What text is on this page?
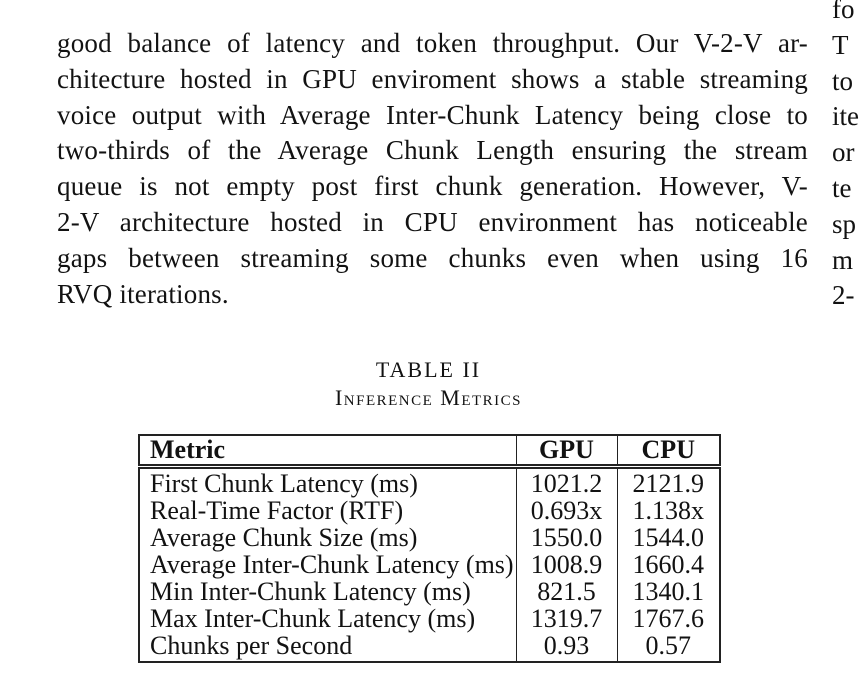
good balance of latency and token throughput. Our V-2-V ar-
chitecture hosted in GPU enviroment shows a stable streaming
voice output with Average Inter-Chunk Latency being close to
two-thirds of the Average Chunk Length ensuring the stream
queue is not empty post first chunk generation. However, V-
2-V architecture hosted in CPU environment has noticeable
gaps between streaming some chunks even when using 16
RVQ iterations.
fo
T
to
ite
or
te
sp
m
2-
TABLE II
Inference Metrics
Metric	GPU	CPU
First Chunk Latency (ms)	1021.2	2121.9
Real-Time Factor (RTF)	0.693x	1.138x
Average Chunk Size (ms)	1550.0	1544.0
Average Inter-Chunk Latency (ms)	1008.9	1660.4
Min Inter-Chunk Latency (ms)	821.5	1340.1
Max Inter-Chunk Latency (ms)	1319.7	1767.6
Chunks per Second	0.93	0.57
